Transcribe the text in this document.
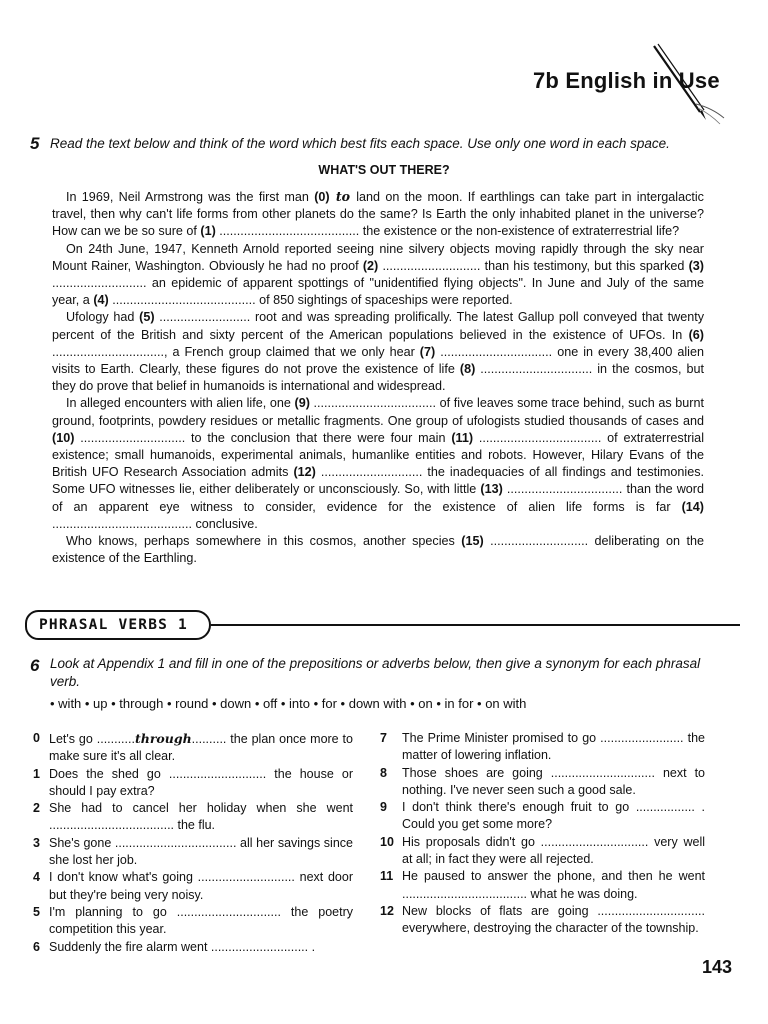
7b English in Use
5 Read the text below and think of the word which best fits each space. Use only one word in each space.
WHAT'S OUT THERE?

In 1969, Neil Armstrong was the first man (0) to land on the moon. If earthlings can take part in intergalactic travel, then why can't life forms from other planets do the same? Is Earth the only inhabited planet in the universe? How can we be so sure of (1) ........................................ the existence or the non-existence of extraterrestrial life?

On 24th June, 1947, Kenneth Arnold reported seeing nine silvery objects moving rapidly through the sky near Mount Rainer, Washington. Obviously he had no proof (2) ............................ than his testimony, but this sparked (3) ........................... an epidemic of apparent spottings of "unidentified flying objects". In June and July of the same year, a (4) ......................................... of 850 sightings of spaceships were reported.

Ufology had (5) .......................... root and was spreading prolifically. The latest Gallup poll conveyed that twenty percent of the British and sixty percent of the American populations believed in the existence of UFOs. In (6) ................................, a French group claimed that we only hear (7) ................................ one in every 38,400 alien visits to Earth. Clearly, these figures do not prove the existence of life (8) ................................ in the cosmos, but they do prove that belief in humanoids is international and widespread.

In alleged encounters with alien life, one (9) ................................... of five leaves some trace behind, such as burnt ground, footprints, powdery residues or metallic fragments. One group of ufologists studied thousands of cases and (10) .............................. to the conclusion that there were four main (11) ................................... of extraterrestrial existence; small humanoids, experimental animals, humanlike entities and robots. However, Hilary Evans of the British UFO Research Association admits (12) ............................. the inadequacies of all findings and testimonies. Some UFO witnesses lie, either deliberately or unconsciously. So, with little (13) ................................. than the word of an apparent eye witness to consider, evidence for the existence of alien life forms is far (14) ........................................ conclusive.

Who knows, perhaps somewhere in this cosmos, another species (15) ............................ deliberating on the existence of the Earthling.

PHRASAL VERBS 1
6 Look at Appendix 1 and fill in one of the prepositions or adverbs below, then give a synonym for each phrasal verb.
• with • up • through • round • down • off • into • for • down with • on • in for • on with
0 Let's go ...........through.......... the plan once more to make sure it's all clear.
1 Does the shed go ............................ the house or should I pay extra?
2 She had to cancel her holiday when she went .................................... the flu.
3 She's gone ................................... all her savings since she lost her job.
4 I don't know what's going ............................ next door but they're being very noisy.
5 I'm planning to go .............................. the poetry competition this year.
6 Suddenly the fire alarm went ............................ .
7 The Prime Minister promised to go ........................ the matter of lowering inflation.
8 Those shoes are going .............................. next to nothing. I've never seen such a good sale.
9 I don't think there's enough fruit to go ................. . Could you get some more?
10 His proposals didn't go ............................... very well at all; in fact they were all rejected.
11 He paused to answer the phone, and then he went .................................... what he was doing.
12 New blocks of flats are going ............................... everywhere, destroying the character of the township.
143
